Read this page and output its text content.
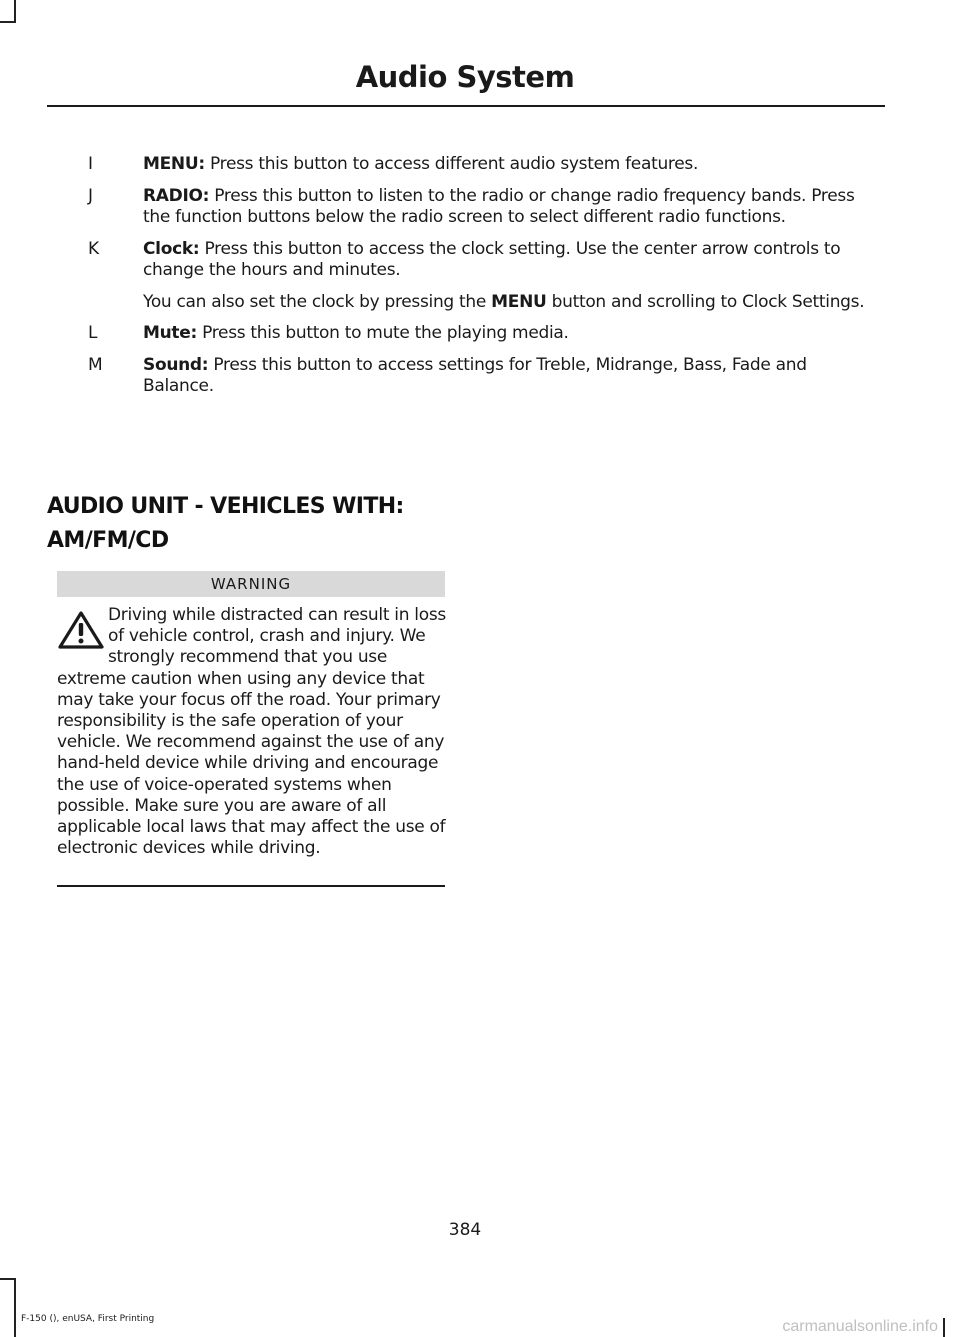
Audio System
I	MENU: Press this button to access different audio system features.
J	RADIO: Press this button to listen to the radio or change radio frequency bands. Press the function buttons below the radio screen to select different radio functions.
K	Clock: Press this button to access the clock setting. Use the center arrow controls to change the hours and minutes.
You can also set the clock by pressing the MENU button and scrolling to Clock Settings.
L	Mute: Press this button to mute the playing media.
M	Sound: Press this button to access settings for Treble, Midrange, Bass, Fade and Balance.
AUDIO UNIT - VEHICLES WITH:
AM/FM/CD
WARNING
Driving while distracted can result in loss of vehicle control, crash and injury. We strongly recommend that you use extreme caution when using any device that may take your focus off the road. Your primary responsibility is the safe operation of your vehicle. We recommend against the use of any hand-held device while driving and encourage the use of voice-operated systems when possible. Make sure you are aware of all applicable local laws that may affect the use of electronic devices while driving.
384
F-150 (), enUSA, First Printing	carmanualsonline.info
